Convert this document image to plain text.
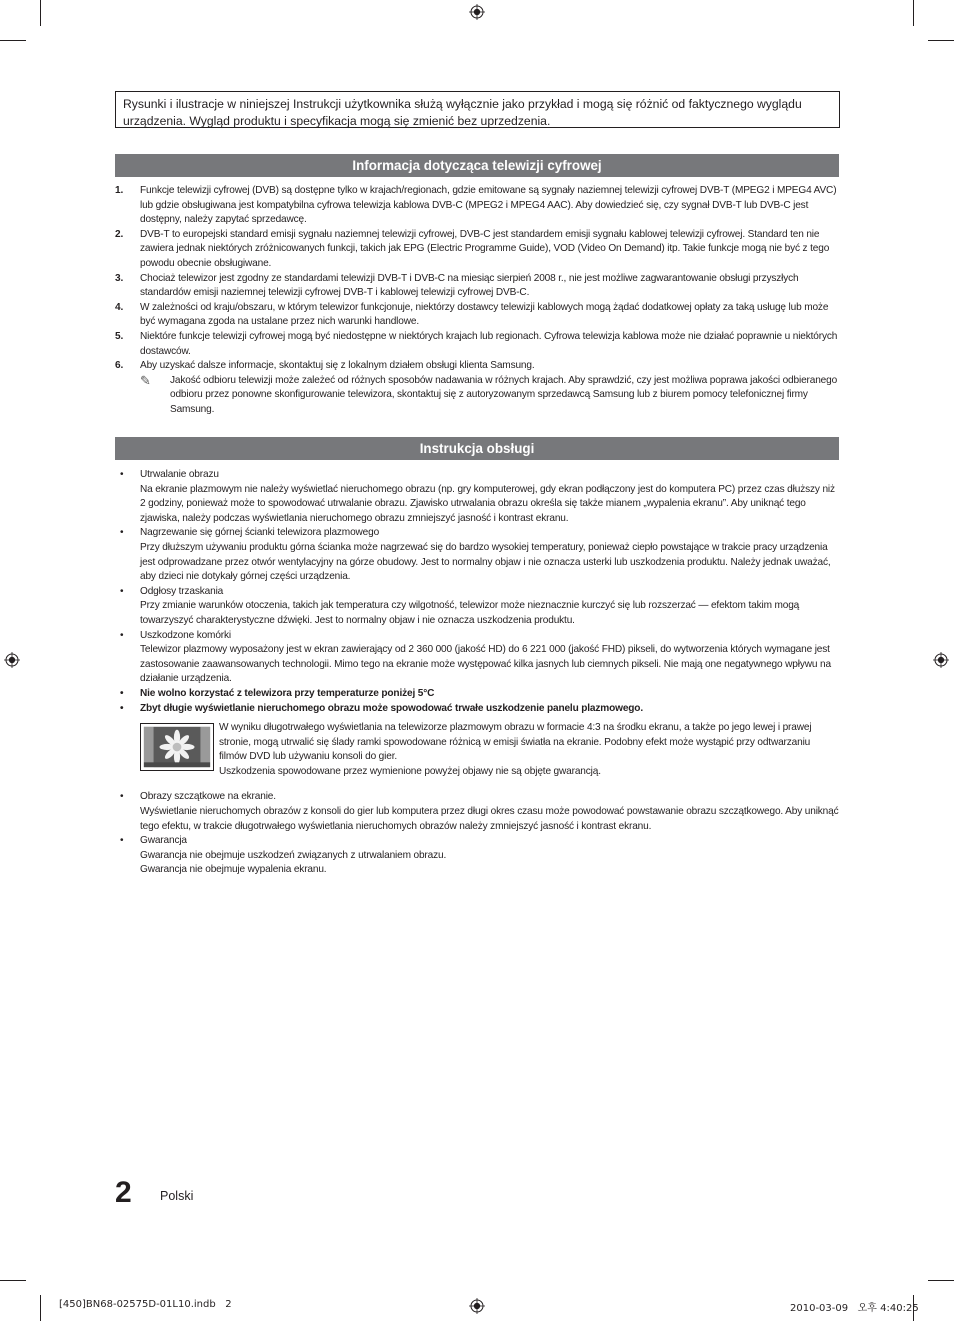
Rysunki i ilustracje w niniejszej Instrukcji użytkownika służą wyłącznie jako przykład i mogą się różnić od faktycznego wyglądu urządzenia. Wygląd produktu i specyfikacja mogą się zmienić bez uprzedzenia.
Informacja dotycząca telewizji cyfrowej
1. Funkcje telewizji cyfrowej (DVB) są dostępne tylko w krajach/regionach, gdzie emitowane są sygnały naziemnej telewizji cyfrowej DVB-T (MPEG2 i MPEG4 AVC) lub gdzie obsługiwana jest kompatybilna cyfrowa telewizja kablowa DVB-C (MPEG2 i MPEG4 AAC). Aby dowiedzieć się, czy sygnał DVB-T lub DVB-C jest dostępny, należy zapytać sprzedawcę.
2. DVB-T to europejski standard emisji sygnału naziemnej telewizji cyfrowej, DVB-C jest standardem emisji sygnału kablowej telewizji cyfrowej. Standard ten nie zawiera jednak niektórych zróżnicowanych funkcji, takich jak EPG (Electric Programme Guide), VOD (Video On Demand) itp. Takie funkcje mogą nie być z tego powodu obecnie obsługiwane.
3. Chociaż telewizor jest zgodny ze standardami telewizji DVB-T i DVB-C na miesiąc sierpień 2008 r., nie jest możliwe zagwarantowanie obsługi przyszłych standardów emisji naziemnej telewizji cyfrowej DVB-T i kablowej telewizji cyfrowej DVB-C.
4. W zależności od kraju/obszaru, w którym telewizor funkcjonuje, niektórzy dostawcy telewizji kablowych mogą żądać dodatkowej opłaty za taką usługę lub może być wymagana zgoda na ustalane przez nich warunki handlowe.
5. Niektóre funkcje telewizji cyfrowej mogą być niedostępne w niektórych krajach lub regionach. Cyfrowa telewizja kablowa może nie działać poprawnie u niektórych dostawców.
6. Aby uzyskać dalsze informacje, skontaktuj się z lokalnym działem obsługi klienta Samsung.
✎ Jakość odbioru telewizji może zależeć od różnych sposobów nadawania w różnych krajach. Aby sprawdzić, czy jest możliwa poprawa jakości odbieranego odbioru przez ponowne skonfigurowanie telewizora, skontaktuj się z autoryzowanym sprzedawcą Samsung lub z biurem pomocy telefonicznej firmy Samsung.
Instrukcja obsługi
• Utrwalanie obrazu
Na ekranie plazmowym nie należy wyświetlać nieruchomego obrazu (np. gry komputerowej, gdy ekran podłączony jest do komputera PC) przez czas dłuższy niż 2 godziny, ponieważ może to spowodować utrwalanie obrazu. Zjawisko utrwalania obrazu określa się także mianem „wypalenia ekranu”. Aby uniknąć tego zjawiska, należy podczas wyświetlania nieruchomego obrazu zmniejszyć jasność i kontrast ekranu.
• Nagrzewanie się górnej ścianki telewizora plazmowego
Przy dłuższym używaniu produktu górna ścianka może nagrzewać się do bardzo wysokiej temperatury, ponieważ ciepło powstające w trakcie pracy urządzenia jest odprowadzane przez otwór wentylacyjny na górze obudowy. Jest to normalny objaw i nie oznacza usterki lub uszkodzenia produktu. Należy jednak uważać, aby dzieci nie dotykały górnej części urządzenia.
• Odgłosy trzaskania
Przy zmianie warunków otoczenia, takich jak temperatura czy wilgotność, telewizor może nieznacznie kurczyć się lub rozszerzać — efektom takim mogą towarzyszyć charakterystyczne dźwięki. Jest to normalny objaw i nie oznacza uszkodzenia produktu.
• Uszkodzone komórki
Telewizor plazmowy wyposażony jest w ekran zawierający od 2 360 000 (jakość HD) do 6 221 000 (jakość FHD) pikseli, do wytworzenia których wymagane jest zastosowanie zaawansowanych technologii. Mimo tego na ekranie może występować kilka jasnych lub ciemnych pikseli. Nie mają one negatywnego wpływu na działanie urządzenia.
• Nie wolno korzystać z telewizora przy temperaturze poniżej 5°C
• Zbyt długie wyświetlanie nieruchomego obrazu może spowodować trwałe uszkodzenie panelu plazmowego.
W wyniku długotrwałego wyświetlania na telewizorze plazmowym obrazu w formacie 4:3 na środku ekranu, a także po jego lewej i prawej stronie, mogą utrwalić się ślady ramki spowodowane różnicą w emisji światła na ekranie. Podobny efekt może wystąpić przy odtwarzaniu filmów DVD lub używaniu konsoli do gier.
Uszkodzenia spowodowane przez wymienione powyżej objawy nie są objęte gwarancją.
• Obrazy szczątkowe na ekranie.
Wyświetlanie nieruchomych obrazów z konsoli do gier lub komputera przez długi okres czasu może powodować powstawanie obrazu szczątkowego. Aby uniknąć tego efektu, w trakcie długotrwałego wyświetlania nieruchomych obrazów należy zmniejszyć jasność i kontrast ekranu.
• Gwarancja
Gwarancja nie obejmuje uszkodzeń związanych z utrwalaniem obrazu.
Gwarancja nie obejmuje wypalenia ekranu.
2 Polski
[450]BN68-02575D-01L10.indb   2	2010-03-09   오후 4:40:25
